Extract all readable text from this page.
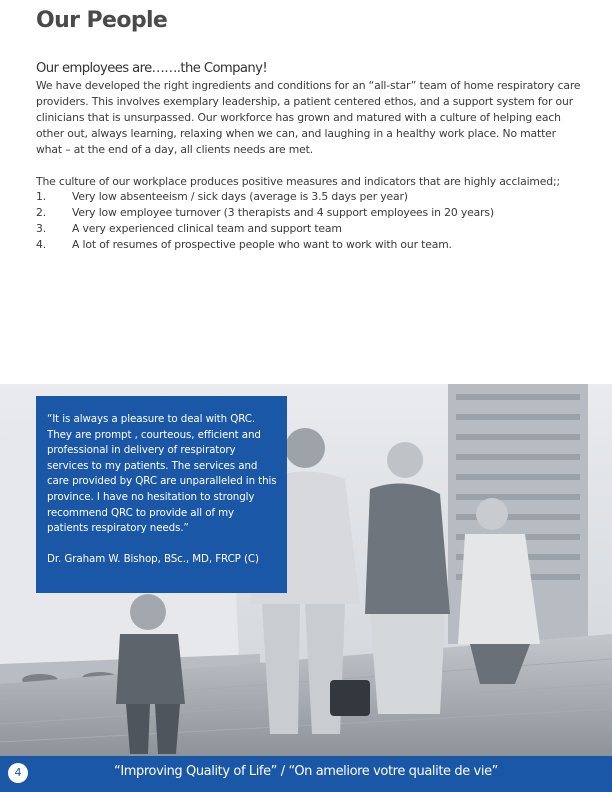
Our People
Our employees are…….the Company!

We have developed the right ingredients and conditions for an “all-star” team of home respiratory care providers. This involves exemplary leadership, a patient centered ethos, and a support system for our clinicians that is unsurpassed. Our workforce has grown and matured with a culture of helping each other out, always learning, relaxing when we can, and laughing in a healthy work place. No matter what – at the end of a day, all clients needs are met.

The culture of our workplace produces positive measures and indicators that are highly acclaimed;;

1.	Very low absenteeism / sick days (average is 3.5 days per year)
2.	Very low employee turnover (3 therapists and 4 support employees in 20 years)
3.	A very experienced clinical team and support team
4.	A lot of resumes of prospective people who want to work with our team.

“It is always a pleasure to deal with QRC. They are prompt , courteous, efficient and professional in delivery of respiratory services to my patients. The services and care provided by QRC are unparalleled in this province. I have no hesitation to strongly recommend QRC to provide all of my patients respiratory needs.”

Dr. Graham W. Bishop, BSc., MD, FRCP (C)

4	“Improving Quality of Life” / “On ameliore votre qualite de vie”
